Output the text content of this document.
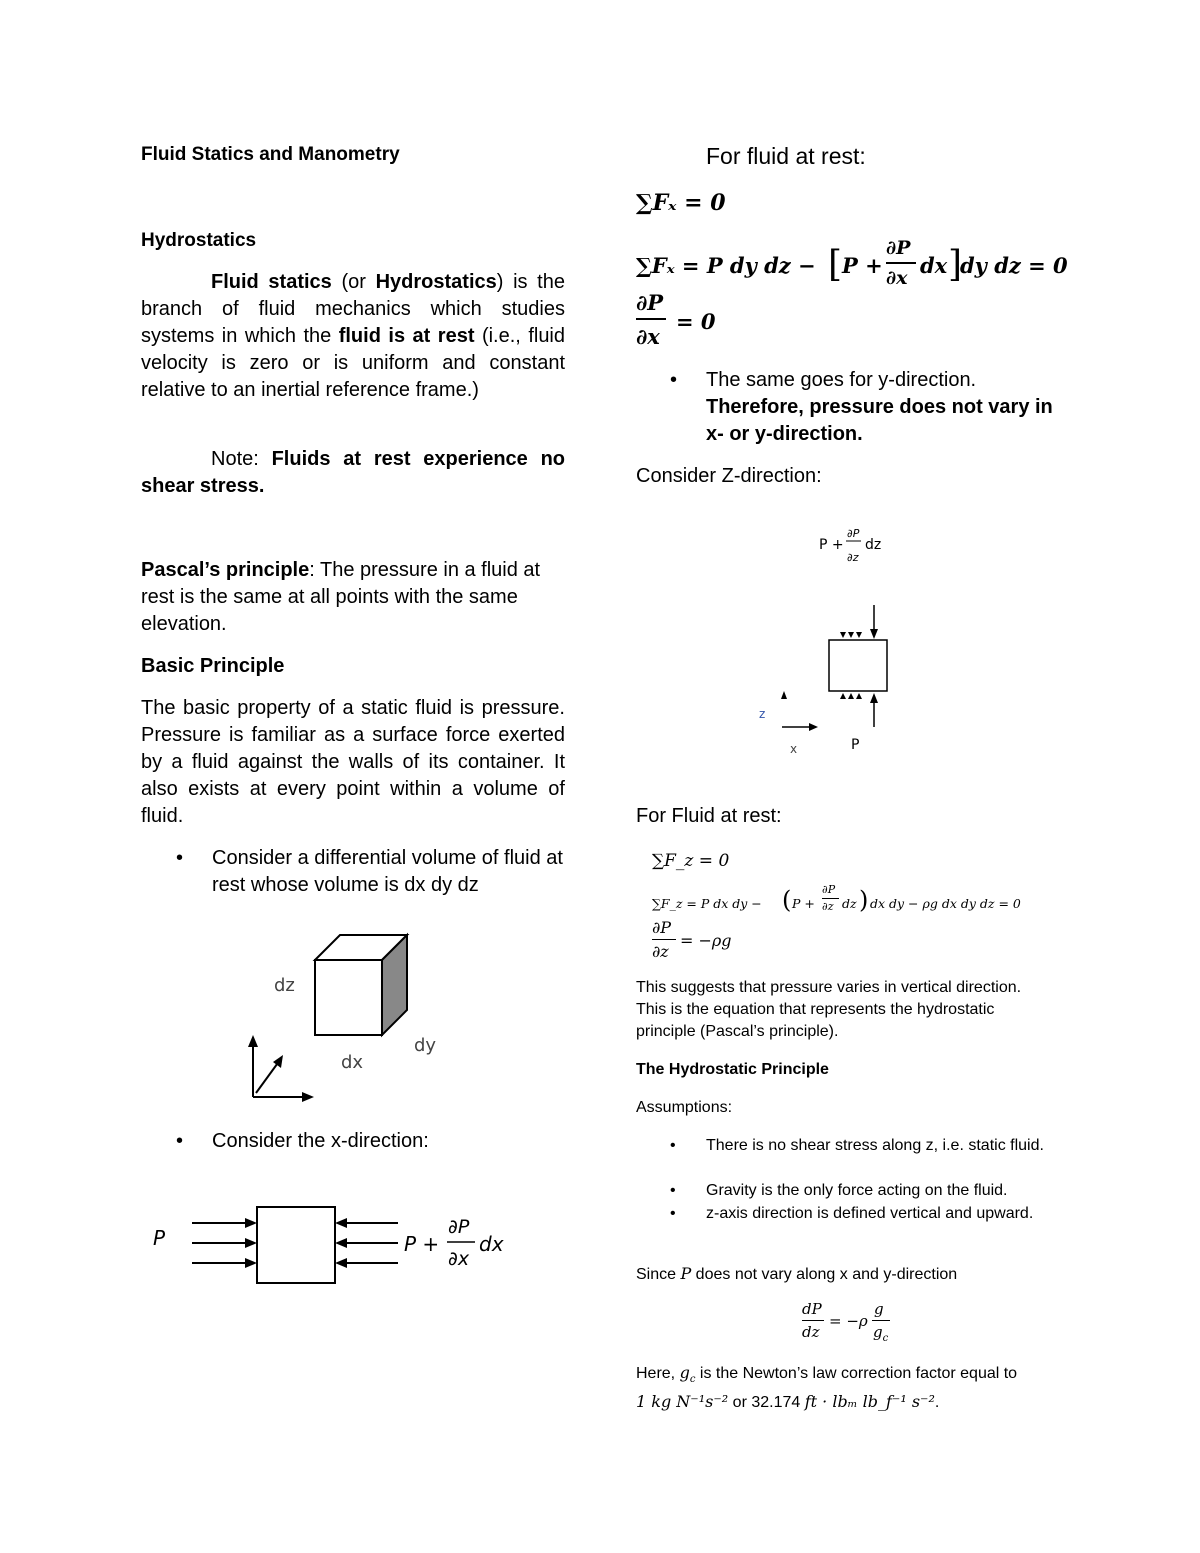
Fluid Statics and Manometry
Hydrostatics
Fluid statics (or Hydrostatics) is the branch of fluid mechanics which studies systems in which the fluid is at rest (i.e., fluid velocity is zero or is uniform and constant relative to an inertial reference frame.)
Note: Fluids at rest experience no shear stress.
Pascal’s principle: The pressure in a fluid at rest is the same at all points with the same elevation.
Basic Principle
The basic property of a static fluid is pressure. Pressure is familiar as a surface force exerted by a fluid against the walls of its container. It also exists at every point within a volume of fluid.
• Consider a differential volume of fluid at rest whose volume is dx dy dz
dz
dx
dy
• Consider the x-direction:
P	P +
∂P
∂x
dx
For fluid at rest:
∑Fₓ = 0
∑Fₓ = P dy dz − [ P +
∂P
∂x dx ]
dy dz = 0
∂P
∂x
= 0
• The same goes for y-direction.
Therefore, pressure does not vary in x- or y-direction.
Consider Z-direction:
P +
∂P
∂z
dz
P
z
x
For Fluid at rest:
∑F_z = 0
∑F_z = P dx dy − ( P +
∂P
∂z dz ) dx dy − ρg dx dy dz = 0
∂P
∂z
= −ρg
This suggests that pressure varies in vertical direction. This is the equation that represents the hydrostatic principle (Pascal’s principle).
The Hydrostatic Principle
Assumptions:
• There is no shear stress along z, i.e. static fluid.
• Gravity is the only force acting on the fluid.
• z-axis direction is defined vertical and upward.
Since P does not vary along x and y-direction
dP
dz
= −ρ
g
$g_c$
Here, $g_c$ is the Newton’s law correction factor equal to
1 kg N⁻¹s⁻² or 32.174 ft · lbₘ lb_f⁻¹ s⁻².
